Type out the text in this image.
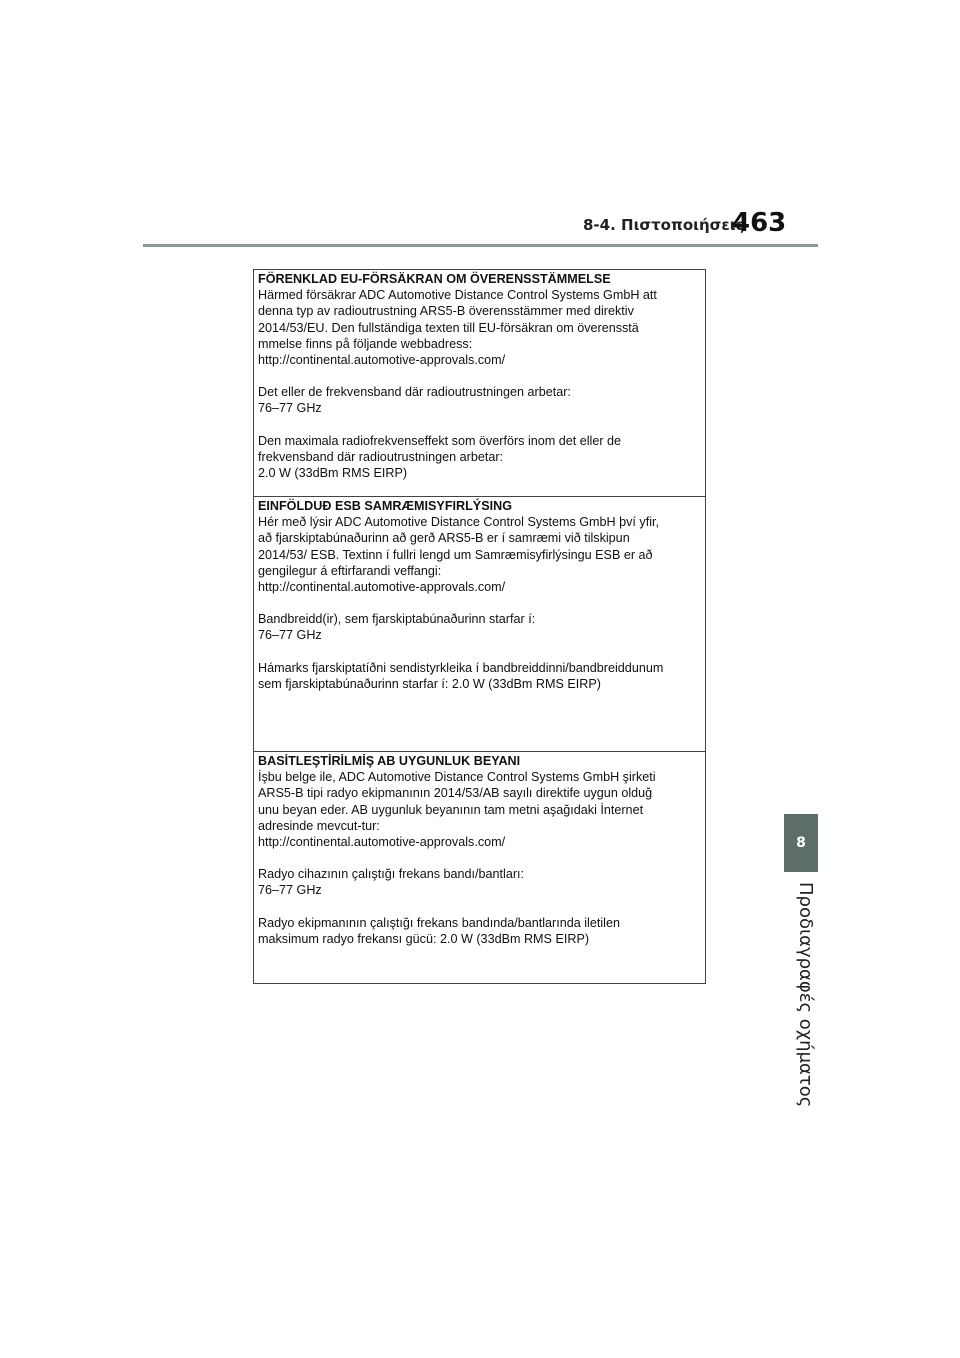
8-4. Πιστοποιήσεις
463
8
Προδιαγραφές οχήματος

FÖRENKLAD EU-FÖRSÄKRAN OM ÖVERENSSTÄMMELSE

Härmed försäkrar ADC Automotive Distance Control Systems GmbH att

denna typ av radioutrustning ARS5-B överensstämmer med direktiv

2014/53/EU. Den fullständiga texten till EU-försäkran om överensstä

mmelse finns på följande webbadress:

http://continental.automotive-approvals.com/

Det eller de frekvensband där radioutrustningen arbetar:

76–77 GHz

Den maximala radiofrekvenseffekt som överförs inom det eller de

frekvensband där radioutrustningen arbetar:

2.0 W (33dBm RMS EIRP)

EINFÖLDUÐ ESB SAMRÆMISYFIRLÝSING

Hér með lýsir ADC Automotive Distance Control Systems GmbH því yfir,

að fjarskiptabúnaðurinn að gerð ARS5-B er í samræmi við tilskipun

2014/53/ ESB. Textinn í fullri lengd um Samræmisyfirlýsingu ESB er að

gengilegur á eftirfarandi veffangi:

http://continental.automotive-approvals.com/

Bandbreidd(ir), sem fjarskiptabúnaðurinn starfar í:

76–77 GHz

Hámarks fjarskiptatíðni sendistyrkleika í bandbreiddinni/bandbreiddunum

sem fjarskiptabúnaðurinn starfar í: 2.0 W (33dBm RMS EIRP)

BASİTLEŞTİRİLMİŞ AB UYGUNLUK BEYANI

İşbu belge ile, ADC Automotive Distance Control Systems GmbH şirketi

ARS5-B tipi radyo ekipmanının 2014/53/AB sayılı direktife uygun olduğ

unu beyan eder. AB uygunluk beyanının tam metni aşağıdaki İnternet

adresinde mevcut-tur:

http://continental.automotive-approvals.com/

Radyo cihazının çalıştığı frekans bandı/bantları:

76–77 GHz

Radyo ekipmanının çalıştığı frekans bandında/bantlarında iletilen

maksimum radyo frekansı gücü: 2.0 W (33dBm RMS EIRP)
